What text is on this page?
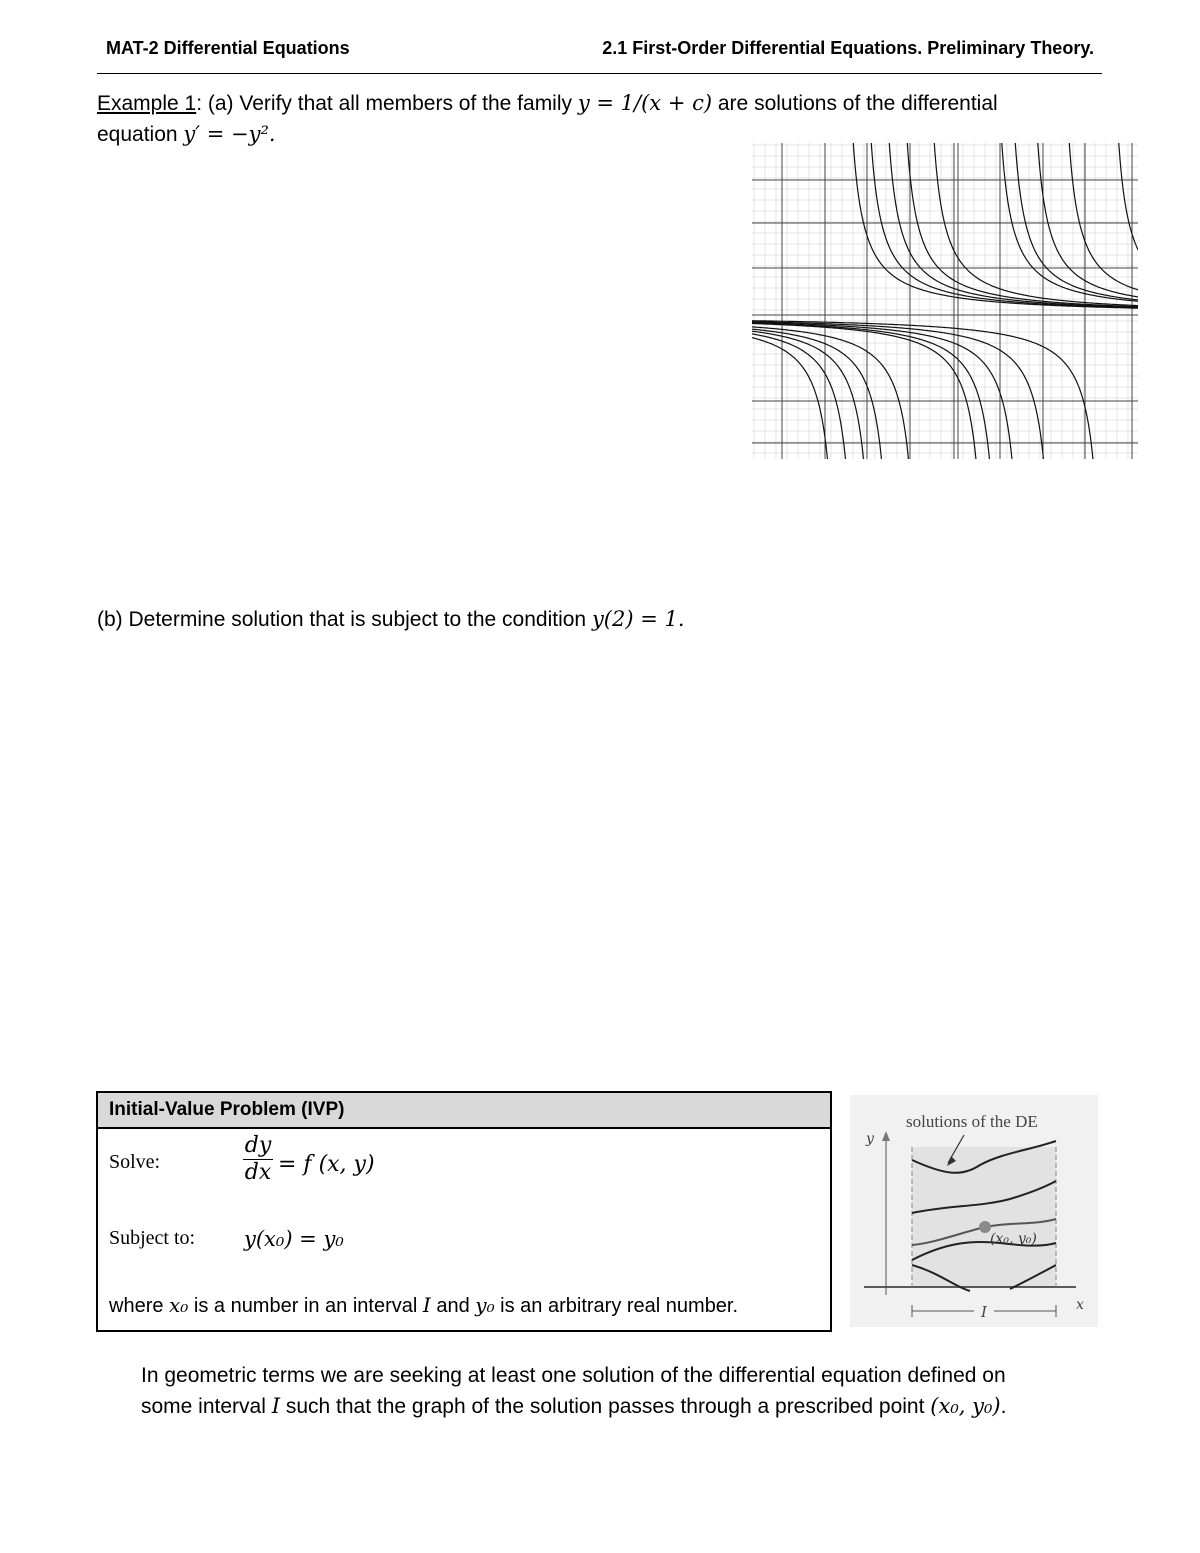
MAT-2 Differential Equations	2.1 First-Order Differential Equations. Preliminary Theory.
Example 1: (a) Verify that all members of the family y = 1/(x + c) are solutions of the differential
equation y′ = −y².
(b) Determine solution that is subject to the condition y(2) = 1.
Initial-Value Problem (IVP)
Solve:	$\frac{dy}{dx} = f$ (x, y)
Subject to: y(x₀) = y₀
where x₀ is a number in an interval I and y₀ is an arbitrary real number.
solutions of the DE
y
x
(x₀, y₀)
I
In geometric terms we are seeking at least one solution of the differential equation defined on
some interval I such that the graph of the solution passes through a prescribed point (x₀, y₀).
